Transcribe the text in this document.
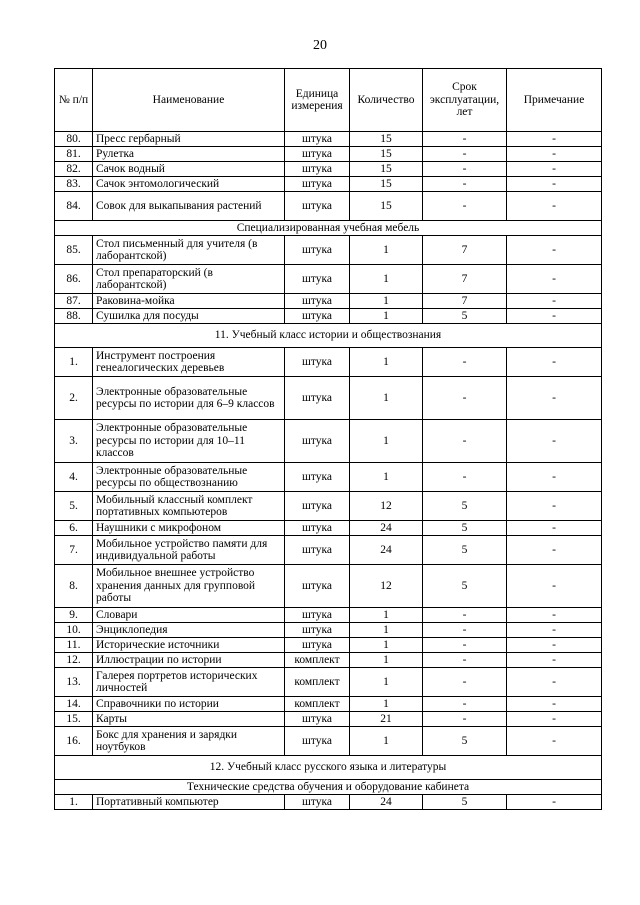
20
№ п/п	Наименование	Единица измерения	Количество	Срок эксплуатации, лет	Примечание
80.	Пресс гербарный	штука	15	-	-
81.	Рулетка	штука	15	-	-
82.	Сачок водный	штука	15	-	-
83.	Сачок энтомологический	штука	15	-	-
84.	Совок для выкапывания растений	штука	15	-	-
Специализированная учебная мебель					
85.	Стол письменный для учителя (в лаборантской)	штука	1	7	-
86.	Стол препараторский (в лаборантской)	штука	1	7	-
87.	Раковина-мойка	штука	1	7	-
88.	Сушилка для посуды	штука	1	5	-
11. Учебный класс истории и обществознания					
1.	Инструмент построения генеалогических деревьев	штука	1	-	-
2.	Электронные образовательные ресурсы по истории для 6–9 классов	штука	1	-	-
3.	Электронные образовательные ресурсы по истории для 10–11 классов	штука	1	-	-
4.	Электронные образовательные ресурсы по обществознанию	штука	1	-	-
5.	Мобильный классный комплект портативных компьютеров	штука	12	5	-
6.	Наушники с микрофоном	штука	24	5	-
7.	Мобильное устройство памяти для индивидуальной работы	штука	24	5	-
8.	Мобильное внешнее устройство хранения данных для групповой работы	штука	12	5	-
9.	Словари	штука	1	-	-
10.	Энциклопедия	штука	1	-	-
11.	Исторические источники	штука	1	-	-
12.	Иллюстрации по истории	комплект	1	-	-
13.	Галерея портретов исторических личностей	комплект	1	-	-
14.	Справочники по истории	комплект	1	-	-
15.	Карты	штука	21	-	-
16.	Бокс для хранения и зарядки ноутбуков	штука	1	5	-
12. Учебный класс русского языка и литературы					
Технические средства обучения и оборудование кабинета					
1.	Портативный компьютер	штука	24	5	-
